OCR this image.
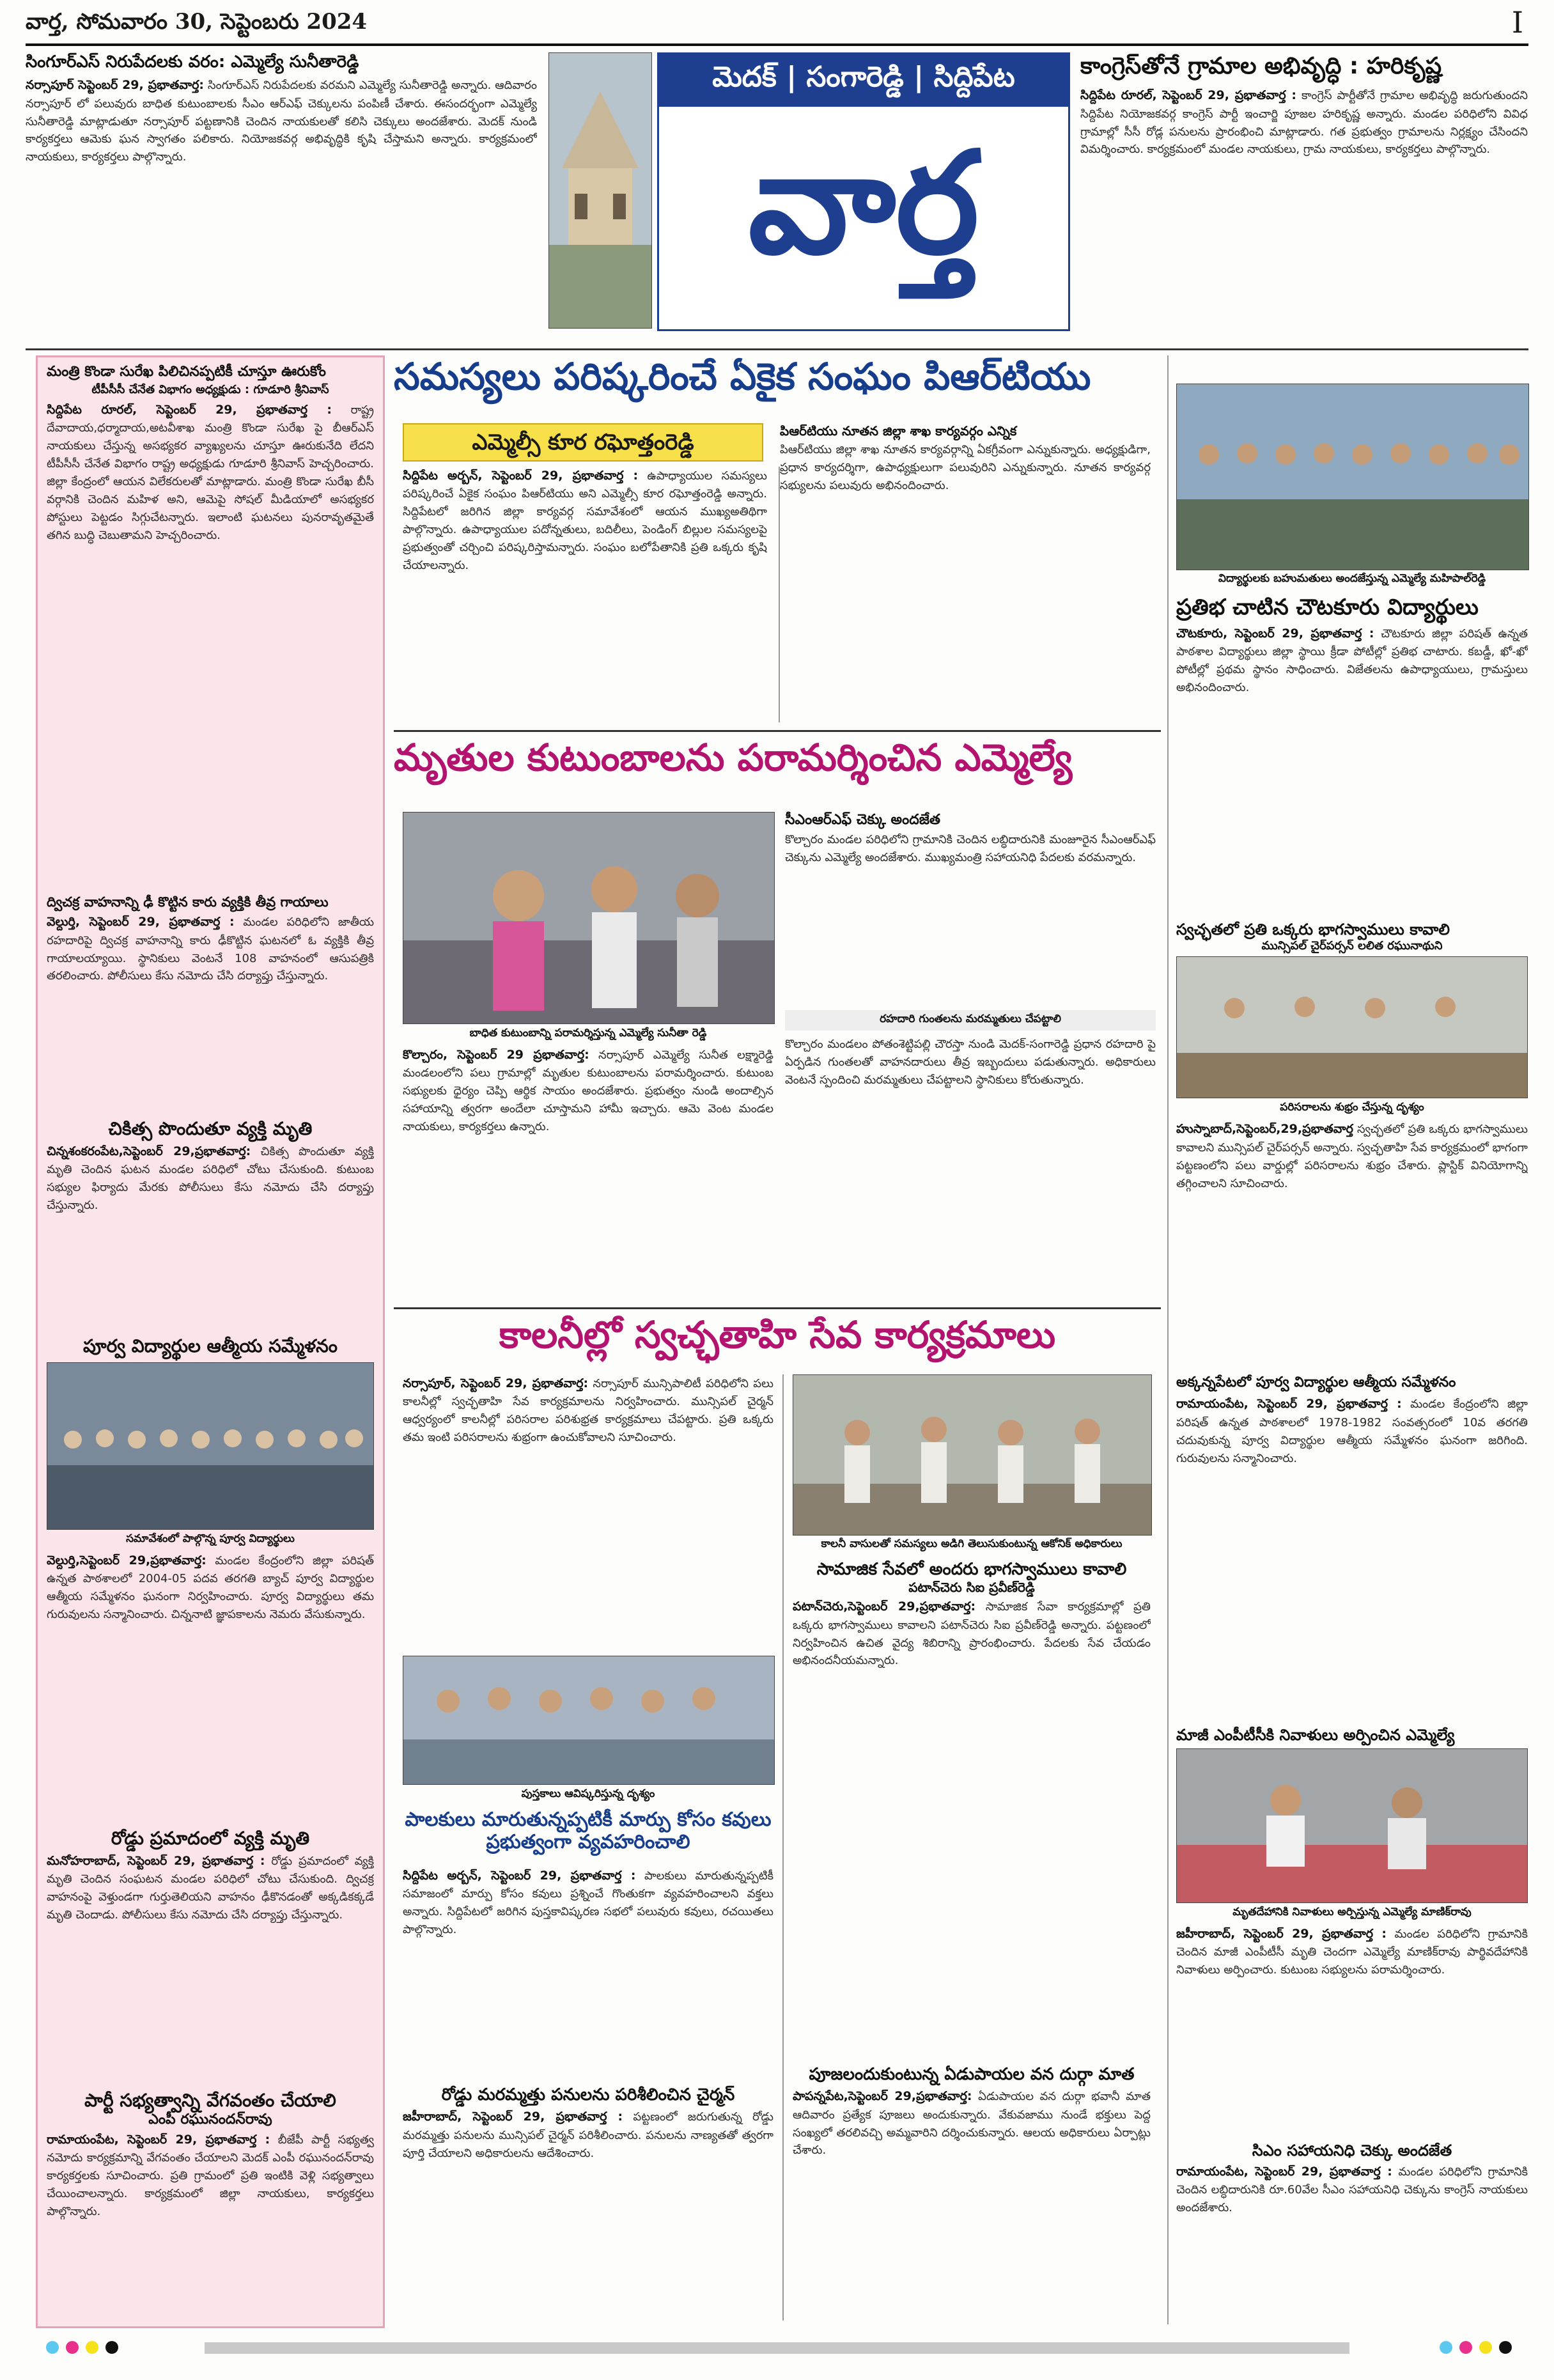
వార్త, సోమవారం 30, సెప్టెంబరు 2024	I
సింగూర్‌ఎస్ నిరుపేదలకు వరం: ఎమ్మెల్యే సునీతారెడ్డి
నర్సాపూర్ సెప్టెంబర్ 29, ప్రభాతవార్త: సింగూర్‌ఎస్ నిరుపేదలకు వరమని ఎమ్మెల్యే సునీతారెడ్డి అన్నారు. ఆదివారం నర్సాపూర్ లో పలువురు బాధిత కుటుంబాలకు సీఎం ఆర్‌ఎఫ్ చెక్కులను పంపిణీ చేశారు. ఈసందర్భంగా ఎమ్మెల్యే సునీతారెడ్డి మాట్లాడుతూ నర్సాపూర్ పట్టణానికి చెందిన నాయకులతో కలిసి చెక్కులు అందజేశారు. మెదక్ నుండి కార్యకర్తలు ఆమెకు ఘన స్వాగతం పలికారు. నియోజకవర్గ అభివృద్ధికి కృషి చేస్తామని అన్నారు. కార్యక్రమంలో నాయకులు, కార్యకర్తలు పాల్గొన్నారు.
మెదక్ | సంగారెడ్డి | సిద్దిపేట
వార్త
కాంగ్రెస్‌తోనే గ్రామాల అభివృద్ధి : హరికృష్ణ
సిద్దిపేట రూరల్, సెప్టెంబర్ 29, ప్రభాతవార్త : కాంగ్రెస్ పార్టీతోనే గ్రామాల అభివృద్ధి జరుగుతుందని సిద్దిపేట నియోజకవర్గ కాంగ్రెస్ పార్టీ ఇంచార్జి పూజల హరికృష్ణ అన్నారు. మండల పరిధిలోని వివిధ గ్రామాల్లో సీసీ రోడ్ల పనులను ప్రారంభించి మాట్లాడారు. గత ప్రభుత్వం గ్రామాలను నిర్లక్ష్యం చేసిందని విమర్శించారు. కార్యక్రమంలో మండల నాయకులు, గ్రామ నాయకులు, కార్యకర్తలు పాల్గొన్నారు.
మంత్రి కొండా సురేఖ పిలిచినప్పటికీ చూస్తూ ఊరుకోం
టీపీసీసీ చేనేత విభాగం అధ్యక్షుడు : గూడూరి శ్రీనివాస్
సిద్దిపేట రూరల్, సెప్టెంబర్ 29, ప్రభాతవార్త : రాష్ట్ర దేవాదాయ,ధర్మాదాయ,అటవీశాఖ మంత్రి కొండా సురేఖ పై బీఆర్‌ఎస్ నాయకులు చేస్తున్న అసభ్యకర వ్యాఖ్యలను చూస్తూ ఊరుకునేది లేదని టీపీసీసీ చేనేత విభాగం రాష్ట్ర అధ్యక్షుడు గూడూరి శ్రీనివాస్ హెచ్చరించారు. జిల్లా కేంద్రంలో ఆయన విలేకరులతో మాట్లాడారు. మంత్రి కొండా సురేఖ బీసీ వర్గానికి చెందిన మహిళ అని, ఆమెపై సోషల్ మీడియాలో అసభ్యకర పోస్టులు పెట్టడం సిగ్గుచేటన్నారు. ఇలాంటి ఘటనలు పునరావృతమైతే తగిన బుద్ధి చెబుతామని హెచ్చరించారు.
ద్విచక్ర వాహనాన్ని ఢీ కొట్టిన కారు వ్యక్తికి తీవ్ర గాయాలు
వెల్దుర్తి, సెప్టెంబర్ 29, ప్రభాతవార్త : మండల పరిధిలోని జాతీయ రహదారిపై ద్విచక్ర వాహనాన్ని కారు ఢీకొట్టిన ఘటనలో ఓ వ్యక్తికి తీవ్ర గాయాలయ్యాయి. స్థానికులు వెంటనే 108 వాహనంలో ఆసుపత్రికి తరలించారు. పోలీసులు కేసు నమోదు చేసి దర్యాప్తు చేస్తున్నారు.
చికిత్స పొందుతూ వ్యక్తి మృతి
చిన్నశంకరంపేట,సెప్టెంబర్ 29,ప్రభాతవార్త: చికిత్స పొందుతూ వ్యక్తి మృతి చెందిన ఘటన మండల పరిధిలో చోటు చేసుకుంది. కుటుంబ సభ్యుల ఫిర్యాదు మేరకు పోలీసులు కేసు నమోదు చేసి దర్యాప్తు చేస్తున్నారు.
పూర్వ విద్యార్థుల ఆత్మీయ సమ్మేళనం
సమావేశంలో పాల్గొన్న పూర్వ విద్యార్థులు
వెల్దుర్తి,సెప్టెంబర్ 29,ప్రభాతవార్త: మండల కేంద్రంలోని జిల్లా పరిషత్ ఉన్నత పాఠశాలలో 2004-05 పదవ తరగతి బ్యాచ్ పూర్వ విద్యార్థుల ఆత్మీయ సమ్మేళనం ఘనంగా నిర్వహించారు. పూర్వ విద్యార్థులు తమ గురువులను సన్మానించారు. చిన్ననాటి జ్ఞాపకాలను నెమరు వేసుకున్నారు.
రోడ్డు ప్రమాదంలో వ్యక్తి మృతి
మనోహరాబాద్, సెప్టెంబర్ 29, ప్రభాతవార్త : రోడ్డు ప్రమాదంలో వ్యక్తి మృతి చెందిన సంఘటన మండల పరిధిలో చోటు చేసుకుంది. ద్విచక్ర వాహనంపై వెళ్తుండగా గుర్తుతెలియని వాహనం ఢీకొనడంతో అక్కడికక్కడే మృతి చెందాడు. పోలీసులు కేసు నమోదు చేసి దర్యాప్తు చేస్తున్నారు.
పార్టీ సభ్యత్వాన్ని వేగవంతం చేయాలి
ఎంపీ రఘునందన్‌రావు
రామాయంపేట, సెప్టెంబర్ 29, ప్రభాతవార్త : బీజేపీ పార్టీ సభ్యత్వ నమోదు కార్యక్రమాన్ని వేగవంతం చేయాలని మెదక్ ఎంపీ రఘునందన్‌రావు కార్యకర్తలకు సూచించారు. ప్రతి గ్రామంలో ప్రతి ఇంటికి వెళ్లి సభ్యత్వాలు చేయించాలన్నారు. కార్యక్రమంలో జిల్లా నాయకులు, కార్యకర్తలు పాల్గొన్నారు.
సమస్యలు పరిష్కరించే ఏకైక సంఘం పిఆర్‌టియు
ఎమ్మెల్సీ కూర రఘోత్తంరెడ్డి
సిద్దిపేట అర్బన్, సెప్టెంబర్ 29, ప్రభాతవార్త : ఉపాధ్యాయుల సమస్యలు పరిష్కరించే ఏకైక సంఘం పిఆర్‌టియు అని ఎమ్మెల్సీ కూర రఘోత్తంరెడ్డి అన్నారు. సిద్దిపేటలో జరిగిన జిల్లా కార్యవర్గ సమావేశంలో ఆయన ముఖ్యఅతిథిగా పాల్గొన్నారు. ఉపాధ్యాయుల పదోన్నతులు, బదిలీలు, పెండింగ్ బిల్లుల సమస్యలపై ప్రభుత్వంతో చర్చించి పరిష్కరిస్తామన్నారు. సంఘం బలోపేతానికి ప్రతి ఒక్కరు కృషి చేయాలన్నారు.
పిఆర్‌టియు నూతన జిల్లా శాఖ కార్యవర్గం ఎన్నిక
పిఆర్‌టియు జిల్లా శాఖ నూతన కార్యవర్గాన్ని ఏకగ్రీవంగా ఎన్నుకున్నారు. అధ్యక్షుడిగా, ప్రధాన కార్యదర్శిగా, ఉపాధ్యక్షులుగా పలువురిని ఎన్నుకున్నారు. నూతన కార్యవర్గ సభ్యులను పలువురు అభినందించారు.
మృతుల కుటుంబాలను పరామర్శించిన ఎమ్మెల్యే
బాధిత కుటుంబాన్ని పరామర్శిస్తున్న ఎమ్మెల్యే సునీతా రెడ్డి
కొల్చారం, సెప్టెంబర్ 29 ప్రభాతవార్త: నర్సాపూర్ ఎమ్మెల్యే సునీత లక్ష్మారెడ్డి మండలంలోని పలు గ్రామాల్లో మృతుల కుటుంబాలను పరామర్శించారు. కుటుంబ సభ్యులకు ధైర్యం చెప్పి ఆర్థిక సాయం అందజేశారు. ప్రభుత్వం నుండి అందాల్సిన సహాయాన్ని త్వరగా అందేలా చూస్తామని హామీ ఇచ్చారు. ఆమె వెంట మండల నాయకులు, కార్యకర్తలు ఉన్నారు.
సీఎంఆర్‌ఎఫ్ చెక్కు అందజేత
కొల్చారం మండల పరిధిలోని గ్రామానికి చెందిన లబ్ధిదారునికి మంజూరైన సీఎంఆర్‌ఎఫ్ చెక్కును ఎమ్మెల్యే అందజేశారు. ముఖ్యమంత్రి సహాయనిధి పేదలకు వరమన్నారు.
రహదారి గుంతలను మరమ్మతులు చేపట్టాలి
కొల్చారం మండలం పోతంశెట్టిపల్లి చౌరస్తా నుండి మెదక్-సంగారెడ్డి ప్రధాన రహదారి పై ఏర్పడిన గుంతలతో వాహనదారులు తీవ్ర ఇబ్బందులు పడుతున్నారు. అధికారులు వెంటనే స్పందించి మరమ్మతులు చేపట్టాలని స్థానికులు కోరుతున్నారు.
కాలనీల్లో స్వచ్ఛతాహి సేవ కార్యక్రమాలు
నర్సాపూర్, సెప్టెంబర్ 29, ప్రభాతవార్త: నర్సాపూర్ మున్సిపాలిటీ పరిధిలోని పలు కాలనీల్లో స్వచ్ఛతాహి సేవ కార్యక్రమాలను నిర్వహించారు. మున్సిపల్ చైర్మన్ ఆధ్వర్యంలో కాలనీల్లో పరిసరాల పరిశుభ్రత కార్యక్రమాలు చేపట్టారు. ప్రతి ఒక్కరు తమ ఇంటి పరిసరాలను శుభ్రంగా ఉంచుకోవాలని సూచించారు.
కాలనీ వాసులతో సమస్యలు అడిగి తెలుసుకుంటున్న ఆకోనిక్ అధికారులు
పుస్తకాలు ఆవిష్కరిస్తున్న దృశ్యం
పాలకులు మారుతున్నప్పటికీ మార్పు కోసం కవులు ప్రభుత్వంగా వ్యవహరించాలి
సిద్దిపేట అర్బన్, సెప్టెంబర్ 29, ప్రభాతవార్త : పాలకులు మారుతున్నప్పటికీ సమాజంలో మార్పు కోసం కవులు ప్రశ్నించే గొంతుకగా వ్యవహరించాలని వక్తలు అన్నారు. సిద్దిపేటలో జరిగిన పుస్తకావిష్కరణ సభలో పలువురు కవులు, రచయితలు పాల్గొన్నారు.
రోడ్డు మరమ్మత్తు పనులను పరిశీలించిన చైర్మన్
జహీరాబాద్, సెప్టెంబర్ 29, ప్రభాతవార్త : పట్టణంలో జరుగుతున్న రోడ్డు మరమ్మత్తు పనులను మున్సిపల్ చైర్మన్ పరిశీలించారు. పనులను నాణ్యతతో త్వరగా పూర్తి చేయాలని అధికారులను ఆదేశించారు.
సామాజిక సేవలో అందరు భాగస్వాములు కావాలి
పటాన్‌చెరు సిఐ ప్రవీణ్‌రెడ్డి
పటాన్‌చెరు,సెప్టెంబర్ 29,ప్రభాతవార్త: సామాజిక సేవా కార్యక్రమాల్లో ప్రతి ఒక్కరు భాగస్వాములు కావాలని పటాన్‌చెరు సిఐ ప్రవీణ్‌రెడ్డి అన్నారు. పట్టణంలో నిర్వహించిన ఉచిత వైద్య శిబిరాన్ని ప్రారంభించారు. పేదలకు సేవ చేయడం అభినందనీయమన్నారు.
పూజలందుకుంటున్న ఏడుపాయల వన దుర్గా మాత
పాపన్నపేట,సెప్టెంబర్ 29,ప్రభాతవార్త: ఏడుపాయల వన దుర్గా భవానీ మాత ఆదివారం ప్రత్యేక పూజలు అందుకున్నారు. వేకువజాము నుండే భక్తులు పెద్ద సంఖ్యలో తరలివచ్చి అమ్మవారిని దర్శించుకున్నారు. ఆలయ అధికారులు ఏర్పాట్లు చేశారు.
విద్యార్థులకు బహుమతులు అందజేస్తున్న ఎమ్మెల్యే మహిపాల్‌రెడ్డి
ప్రతిభ చాటిన చౌటకూరు విద్యార్థులు
చౌటకూరు, సెప్టెంబర్ 29, ప్రభాతవార్త : చౌటకూరు జిల్లా పరిషత్ ఉన్నత పాఠశాల విద్యార్థులు జిల్లా స్థాయి క్రీడా పోటీల్లో ప్రతిభ చాటారు. కబడ్డీ, ఖో-ఖో పోటీల్లో ప్రథమ స్థానం సాధించారు. విజేతలను ఉపాధ్యాయులు, గ్రామస్తులు అభినందించారు.
స్వచ్ఛతలో ప్రతి ఒక్కరు భాగస్వాములు కావాలి
మున్సిపల్ చైర్‌పర్సన్ లలిత రఘునాథుని
పరిసరాలను శుభ్రం చేస్తున్న దృశ్యం
హుస్నాబాద్,సెప్టెంబర్,29,ప్రభాతవార్త స్వచ్ఛతలో ప్రతి ఒక్కరు భాగస్వాములు కావాలని మున్సిపల్ చైర్‌పర్సన్ అన్నారు. స్వచ్ఛతాహి సేవ కార్యక్రమంలో భాగంగా పట్టణంలోని పలు వార్డుల్లో పరిసరాలను శుభ్రం చేశారు. ప్లాస్టిక్ వినియోగాన్ని తగ్గించాలని సూచించారు.
అక్కన్నపేటలో పూర్వ విద్యార్థుల ఆత్మీయ సమ్మేళనం
రామాయంపేట, సెప్టెంబర్ 29, ప్రభాతవార్త : మండల కేంద్రంలోని జిల్లా పరిషత్ ఉన్నత పాఠశాలలో 1978-1982 సంవత్సరంలో 10వ తరగతి చదువుకున్న పూర్వ విద్యార్థుల ఆత్మీయ సమ్మేళనం ఘనంగా జరిగింది. గురువులను సన్మానించారు.
మాజీ ఎంపీటీసీకి నివాళులు అర్పించిన ఎమ్మెల్యే
మృతదేహానికి నివాళులు అర్పిస్తున్న ఎమ్మెల్యే మాణిక్‌రావు
జహీరాబాద్, సెప్టెంబర్ 29, ప్రభాతవార్త : మండల పరిధిలోని గ్రామానికి చెందిన మాజీ ఎంపీటీసీ మృతి చెందగా ఎమ్మెల్యే మాణిక్‌రావు పార్థివదేహానికి నివాళులు అర్పించారు. కుటుంబ సభ్యులను పరామర్శించారు.
సిఎం సహాయనిధి చెక్కు అందజేత
రామాయంపేట, సెప్టెంబర్ 29, ప్రభాతవార్త : మండల పరిధిలోని గ్రామానికి చెందిన లబ్ధిదారునికి రూ.60వేల సీఎం సహాయనిధి చెక్కును కాంగ్రెస్ నాయకులు అందజేశారు.
